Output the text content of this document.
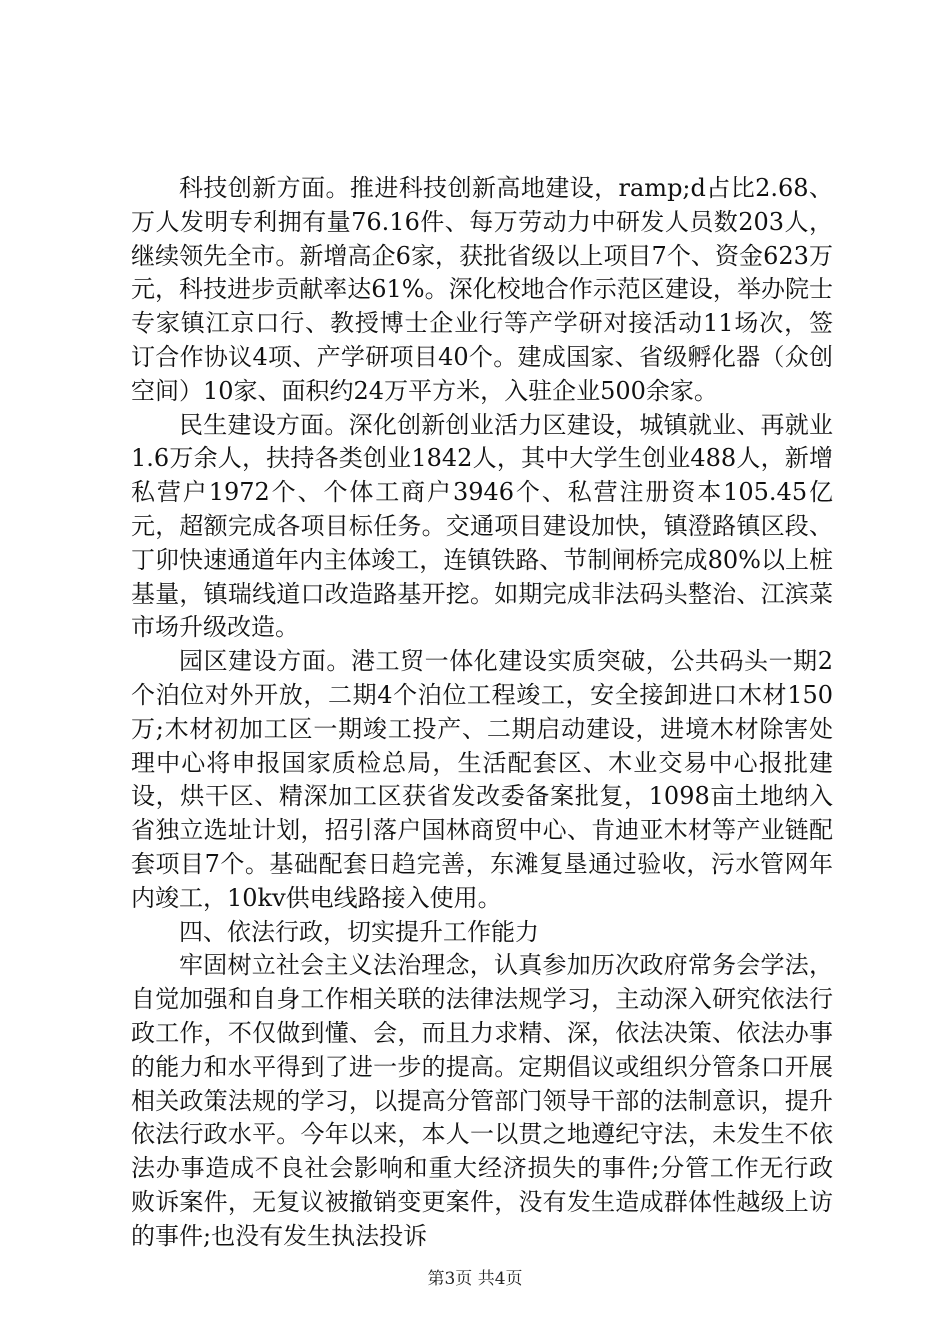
科技创新方面。推进科技创新高地建设，ramp;d占比2.68、万人发明专利拥有量76.16件、每万劳动力中研发人员数203人，继续领先全市。新增高企6家，获批省级以上项目7个、资金623万元，科技进步贡献率达61%。深化校地合作示范区建设，举办院士专家镇江京口行、教授博士企业行等产学研对接活动11场次，签订合作协议4项、产学研项目40个。建成国家、省级孵化器（众创空间）10家、面积约24万平方米，入驻企业500余家。

民生建设方面。深化创新创业活力区建设，城镇就业、再就业1.6万余人，扶持各类创业1842人，其中大学生创业488人，新增私营户1972个、个体工商户3946个、私营注册资本105.45亿元，超额完成各项目标任务。交通项目建设加快，镇澄路镇区段、丁卯快速通道年内主体竣工，连镇铁路、节制闸桥完成80%以上桩基量，镇瑞线道口改造路基开挖。如期完成非法码头整治、江滨菜市场升级改造。

园区建设方面。港工贸一体化建设实质突破，公共码头一期2个泊位对外开放，二期4个泊位工程竣工，安全接卸进口木材150万;木材初加工区一期竣工投产、二期启动建设，进境木材除害处理中心将申报国家质检总局，生活配套区、木业交易中心报批建设，烘干区、精深加工区获省发改委备案批复，1098亩土地纳入省独立选址计划，招引落户国林商贸中心、肯迪亚木材等产业链配套项目7个。基础配套日趋完善，东滩复垦通过验收，污水管网年内竣工，10kv供电线路接入使用。

四、依法行政，切实提升工作能力

牢固树立社会主义法治理念，认真参加历次政府常务会学法，自觉加强和自身工作相关联的法律法规学习，主动深入研究依法行政工作，不仅做到懂、会，而且力求精、深，依法决策、依法办事的能力和水平得到了进一步的提高。定期倡议或组织分管条口开展相关政策法规的学习，以提高分管部门领导干部的法制意识，提升依法行政水平。今年以来，本人一以贯之地遵纪守法，未发生不依法办事造成不良社会影响和重大经济损失的事件;分管工作无行政败诉案件，无复议被撤销变更案件，没有发生造成群体性越级上访的事件;也没有发生执法投诉

第3页 共4页
